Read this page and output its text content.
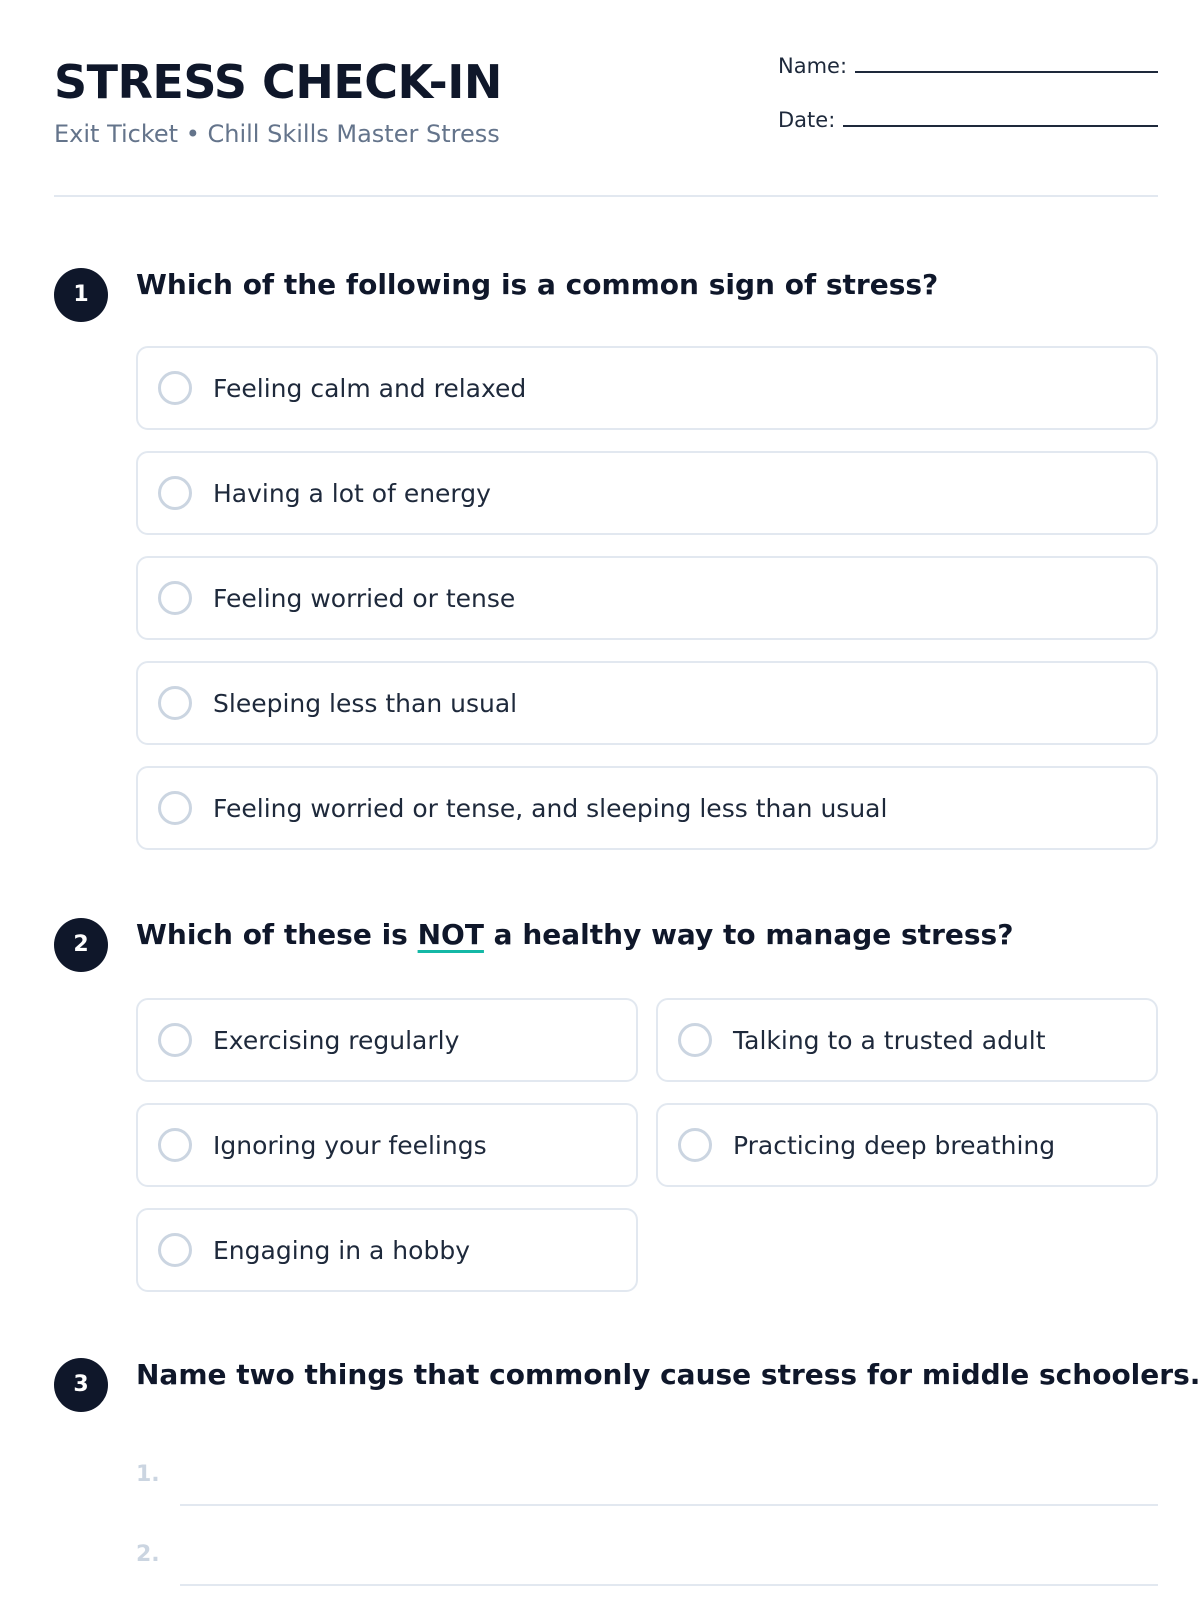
STRESS CHECK-IN
Exit Ticket • Chill Skills Master Stress
Name:
Date:
1	Which of the following is a common sign of stress?
Feeling calm and relaxed
Having a lot of energy
Feeling worried or tense
Sleeping less than usual
Feeling worried or tense, and sleeping less than usual
2	Which of these is NOT a healthy way to manage stress?
Exercising regularly	Talking to a trusted adult
Ignoring your feelings	Practicing deep breathing
Engaging in a hobby
3	Name two things that commonly cause stress for middle schoolers.
1.
2.
